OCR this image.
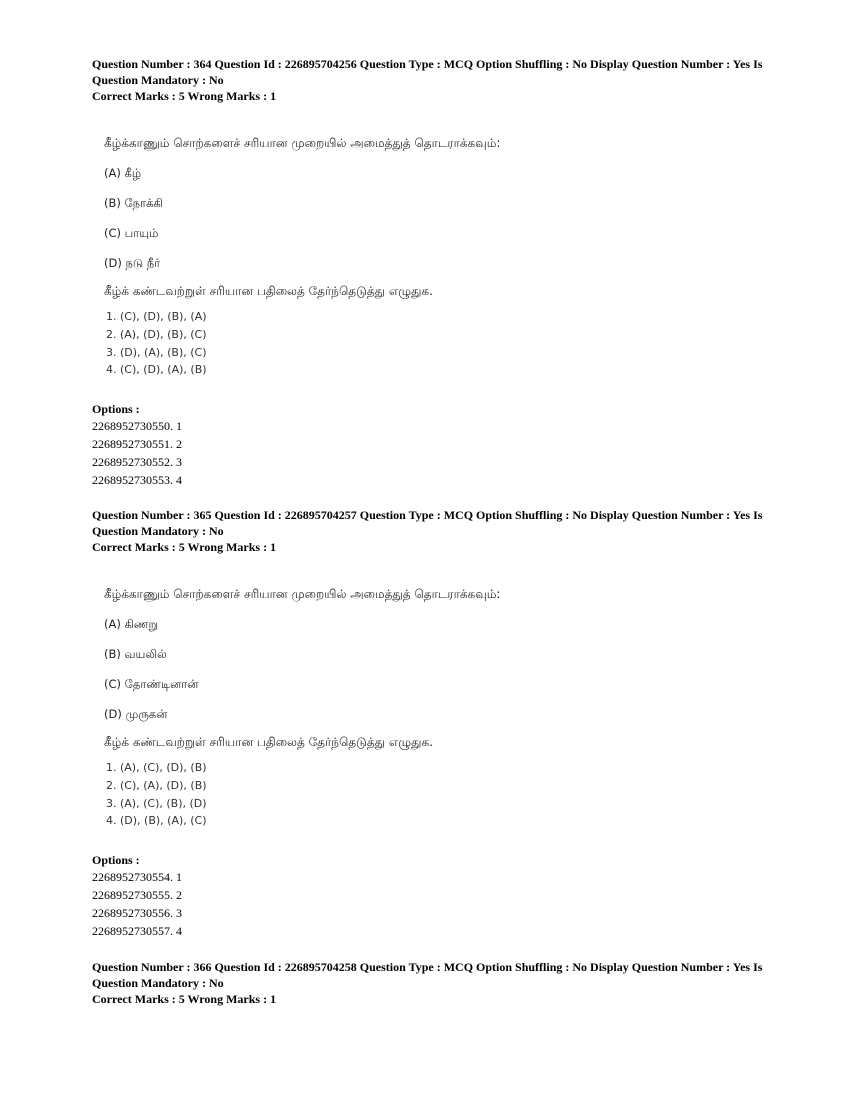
Question Number : 364 Question Id : 226895704256 Question Type : MCQ Option Shuffling : No Display Question Number : Yes Is
Question Mandatory : No
Correct Marks : 5 Wrong Marks : 1
கீழ்க்காணும் சொற்களைச் சரியான முறையில் அமைத்துத் தொடராக்கவும்:
(A) கீழ்
(B) நோக்கி
(C) பாயும்
(D) நடு நீர்
கீழ்க் கண்டவற்றுள் சரியான பதிலைத் தேர்ந்தெடுத்து எழுதுக.
1. (C), (D), (B), (A)
2. (A), (D), (B), (C)
3. (D), (A), (B), (C)
4. (C), (D), (A), (B)
Options :
2268952730550. 1
2268952730551. 2
2268952730552. 3
2268952730553. 4
Question Number : 365 Question Id : 226895704257 Question Type : MCQ Option Shuffling : No Display Question Number : Yes Is
Question Mandatory : No
Correct Marks : 5 Wrong Marks : 1
கீழ்க்காணும் சொற்களைச் சரியான முறையில் அமைத்துத் தொடராக்கவும்:
(A) கிணறு
(B) வயலில்
(C) தோண்டினான்
(D) முருகன்
கீழ்க் கண்டவற்றுள் சரியான பதிலைத் தேர்ந்தெடுத்து எழுதுக.
1. (A), (C), (D), (B)
2. (C), (A), (D), (B)
3. (A), (C), (B), (D)
4. (D), (B), (A), (C)
Options :
2268952730554. 1
2268952730555. 2
2268952730556. 3
2268952730557. 4
Question Number : 366 Question Id : 226895704258 Question Type : MCQ Option Shuffling : No Display Question Number : Yes Is
Question Mandatory : No
Correct Marks : 5 Wrong Marks : 1
